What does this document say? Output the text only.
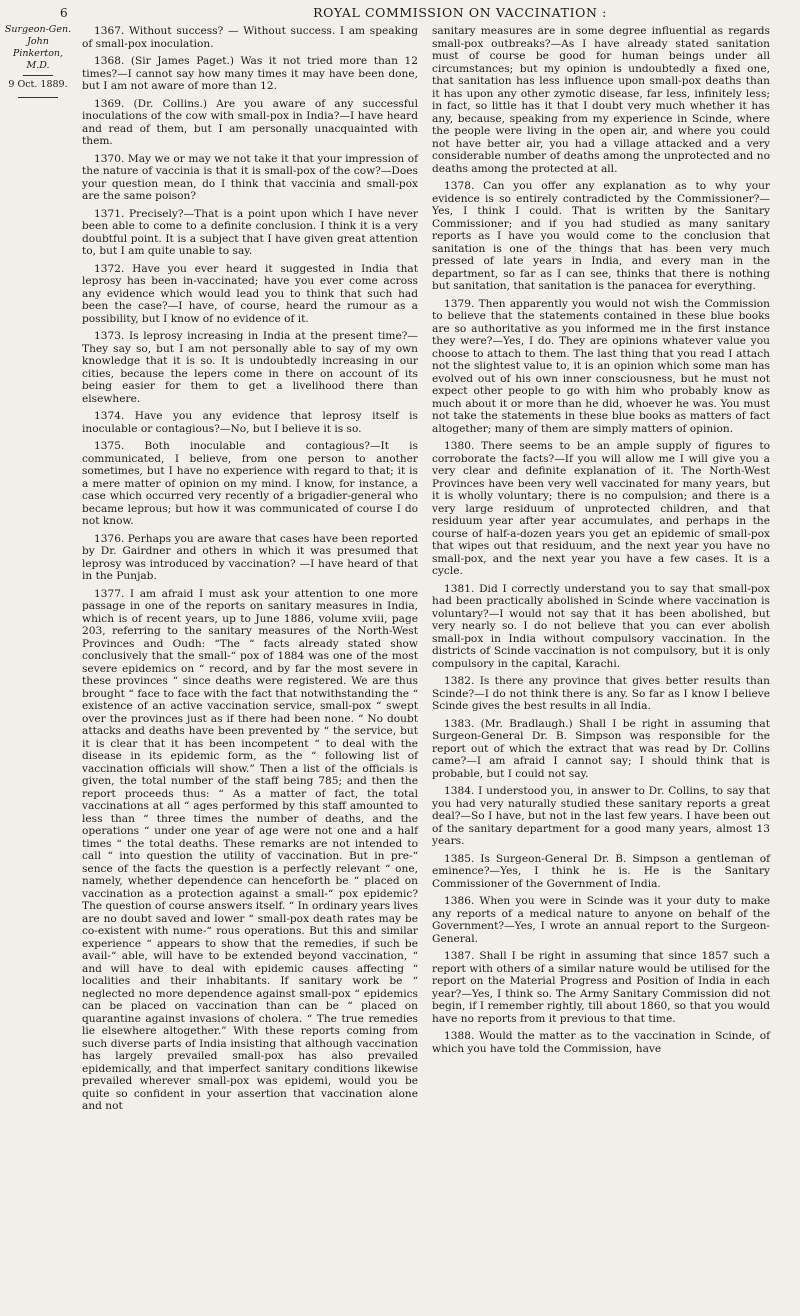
6	ROYAL COMMISSION ON VACCINATION :
Surgeon-Gen.
John
Pinkerton,
M.D.
9 Oct. 1889.

1367. Without success? — Without success. I am speaking of small-pox inoculation.

1368. (Sir James Paget.) Was it not tried more than 12 times?—I cannot say how many times it may have been done, but I am not aware of more than 12.

1369. (Dr. Collins.) Are you aware of any successful inoculations of the cow with small-pox in India?—I have heard and read of them, but I am personally unacquainted with them.

1370. May we or may we not take it that your impression of the nature of vaccinia is that it is small-pox of the cow?—Does your question mean, do I think that vaccinia and small-pox are the same poison?

1371. Precisely?—That is a point upon which I have never been able to come to a definite conclusion. I think it is a very doubtful point. It is a subject that I have given great attention to, but I am quite unable to say.

1372. Have you ever heard it suggested in India that leprosy has been in-vaccinated; have you ever come across any evidence which would lead you to think that such had been the case?—I have, of course, heard the rumour as a possibility, but I know of no evidence of it.

1373. Is leprosy increasing in India at the present time?—They say so, but I am not personally able to say of my own knowledge that it is so. It is undoubtedly increasing in our cities, because the lepers come in there on account of its being easier for them to get a livelihood there than elsewhere.

1374. Have you any evidence that leprosy itself is inoculable or contagious?—No, but I believe it is so.

1375. Both inoculable and contagious?—It is communicated, I believe, from one person to another sometimes, but I have no experience with regard to that; it is a mere matter of opinion on my mind. I know, for instance, a case which occurred very recently of a brigadier-general who became leprous; but how it was communicated of course I do not know.

1376. Perhaps you are aware that cases have been reported by Dr. Gairdner and others in which it was presumed that leprosy was introduced by vaccination? —I have heard of that in the Punjab.

1377. I am afraid I must ask your attention to one more passage in one of the reports on sanitary measures in India, which is of recent years, up to June 1886, volume xviii, page 203, referring to the sanitary measures of the North-West Provinces and Oudh: “The “ facts already stated show conclusively that the small-“ pox of 1884 was one of the most severe epidemics on “ record, and by far the most severe in these provinces “ since deaths were registered. We are thus brought “ face to face with the fact that notwithstanding the “ existence of an active vaccination service, small-pox “ swept over the provinces just as if there had been none. “ No doubt attacks and deaths have been prevented by “ the service, but it is clear that it has been incompetent “ to deal with the disease in its epidemic form, as the “ following list of vaccination officials will show.” Then a list of the officials is given, the total number of the staff being 785; and then the report proceeds thus: “ As a matter of fact, the total vaccinations at all “ ages performed by this staff amounted to less than “ three times the number of deaths, and the operations “ under one year of age were not one and a half times “ the total deaths. These remarks are not intended to call “ into question the utility of vaccination. But in pre-“ sence of the facts the question is a perfectly relevant “ one, namely, whether dependence can henceforth be “ placed on vaccination as a protection against a small-“ pox epidemic? The question of course answers itself. “ In ordinary years lives are no doubt saved and lower “ small-pox death rates may be co-existent with nume-“ rous operations. But this and similar experience “ appears to show that the remedies, if such be avail-“ able, will have to be extended beyond vaccination, “ and will have to deal with epidemic causes affecting “ localities and their inhabitants. If sanitary work be “ neglected no more dependence against small-pox “ epidemics can be placed on vaccination than can be “ placed on quarantine against invasions of cholera. “ The true remedies lie elsewhere altogether.” With these reports coming from such diverse parts of India insisting that although vaccination has largely prevailed small-pox has also prevailed epidemically, and that imperfect sanitary conditions likewise prevailed wherever small-pox was epidemi, would you be quite so confident in your assertion that vaccination alone and not

sanitary measures are in some degree influential as regards small-pox outbreaks?—As I have already stated sanitation must of course be good for human beings under all circumstances; but my opinion is undoubtedly a fixed one, that sanitation has less influence upon small-pox deaths than it has upon any other zymotic disease, far less, infinitely less; in fact, so little has it that I doubt very much whether it has any, because, speaking from my experience in Scinde, where the people were living in the open air, and where you could not have better air, you had a village attacked and a very considerable number of deaths among the unprotected and no deaths among the protected at all.

1378. Can you offer any explanation as to why your evidence is so entirely contradicted by the Commissioner?—Yes, I think I could. That is written by the Sanitary Commissioner; and if you had studied as many sanitary reports as I have you would come to the conclusion that sanitation is one of the things that has been very much pressed of late years in India, and every man in the department, so far as I can see, thinks that there is nothing but sanitation, that sanitation is the panacea for everything.

1379. Then apparently you would not wish the Commission to believe that the statements contained in these blue books are so authoritative as you informed me in the first instance they were?—Yes, I do. They are opinions whatever value you choose to attach to them. The last thing that you read I attach not the slightest value to, it is an opinion which some man has evolved out of his own inner consciousness, but he must not expect other people to go with him who probably know as much about it or more than he did, whoever he was. You must not take the statements in these blue books as matters of fact altogether; many of them are simply matters of opinion.

1380. There seems to be an ample supply of figures to corroborate the facts?—If you will allow me I will give you a very clear and definite explanation of it. The North-West Provinces have been very well vaccinated for many years, but it is wholly voluntary; there is no compulsion; and there is a very large residuum of unprotected children, and that residuum year after year accumulates, and perhaps in the course of half-a-dozen years you get an epidemic of small-pox that wipes out that residuum, and the next year you have no small-pox, and the next year you have a few cases. It is a cycle.

1381. Did I correctly understand you to say that small-pox had been practically abolished in Scinde where vaccination is voluntary?—I would not say that it has been abolished, but very nearly so. I do not believe that you can ever abolish small-pox in India without compulsory vaccination. In the districts of Scinde vaccination is not compulsory, but it is only compulsory in the capital, Karachi.

1382. Is there any province that gives better results than Scinde?—I do not think there is any. So far as I know I believe Scinde gives the best results in all India.

1383. (Mr. Bradlaugh.) Shall I be right in assuming that Surgeon-General Dr. B. Simpson was responsible for the report out of which the extract that was read by Dr. Collins came?—I am afraid I cannot say; I should think that is probable, but I could not say.

1384. I understood you, in answer to Dr. Collins, to say that you had very naturally studied these sanitary reports a great deal?—So I have, but not in the last few years. I have been out of the sanitary department for a good many years, almost 13 years.

1385. Is Surgeon-General Dr. B. Simpson a gentleman of eminence?—Yes, I think he is. He is the Sanitary Commissioner of the Government of India.

1386. When you were in Scinde was it your duty to make any reports of a medical nature to anyone on behalf of the Government?—Yes, I wrote an annual report to the Surgeon-General.

1387. Shall I be right in assuming that since 1857 such a report with others of a similar nature would be utilised for the report on the Material Progress and Position of India in each year?—Yes, I think so. The Army Sanitary Commission did not begin, if I remember rightly, till about 1860, so that you would have no reports from it previous to that time.

1388. Would the matter as to the vaccination in Scinde, of which you have told the Commission, have
